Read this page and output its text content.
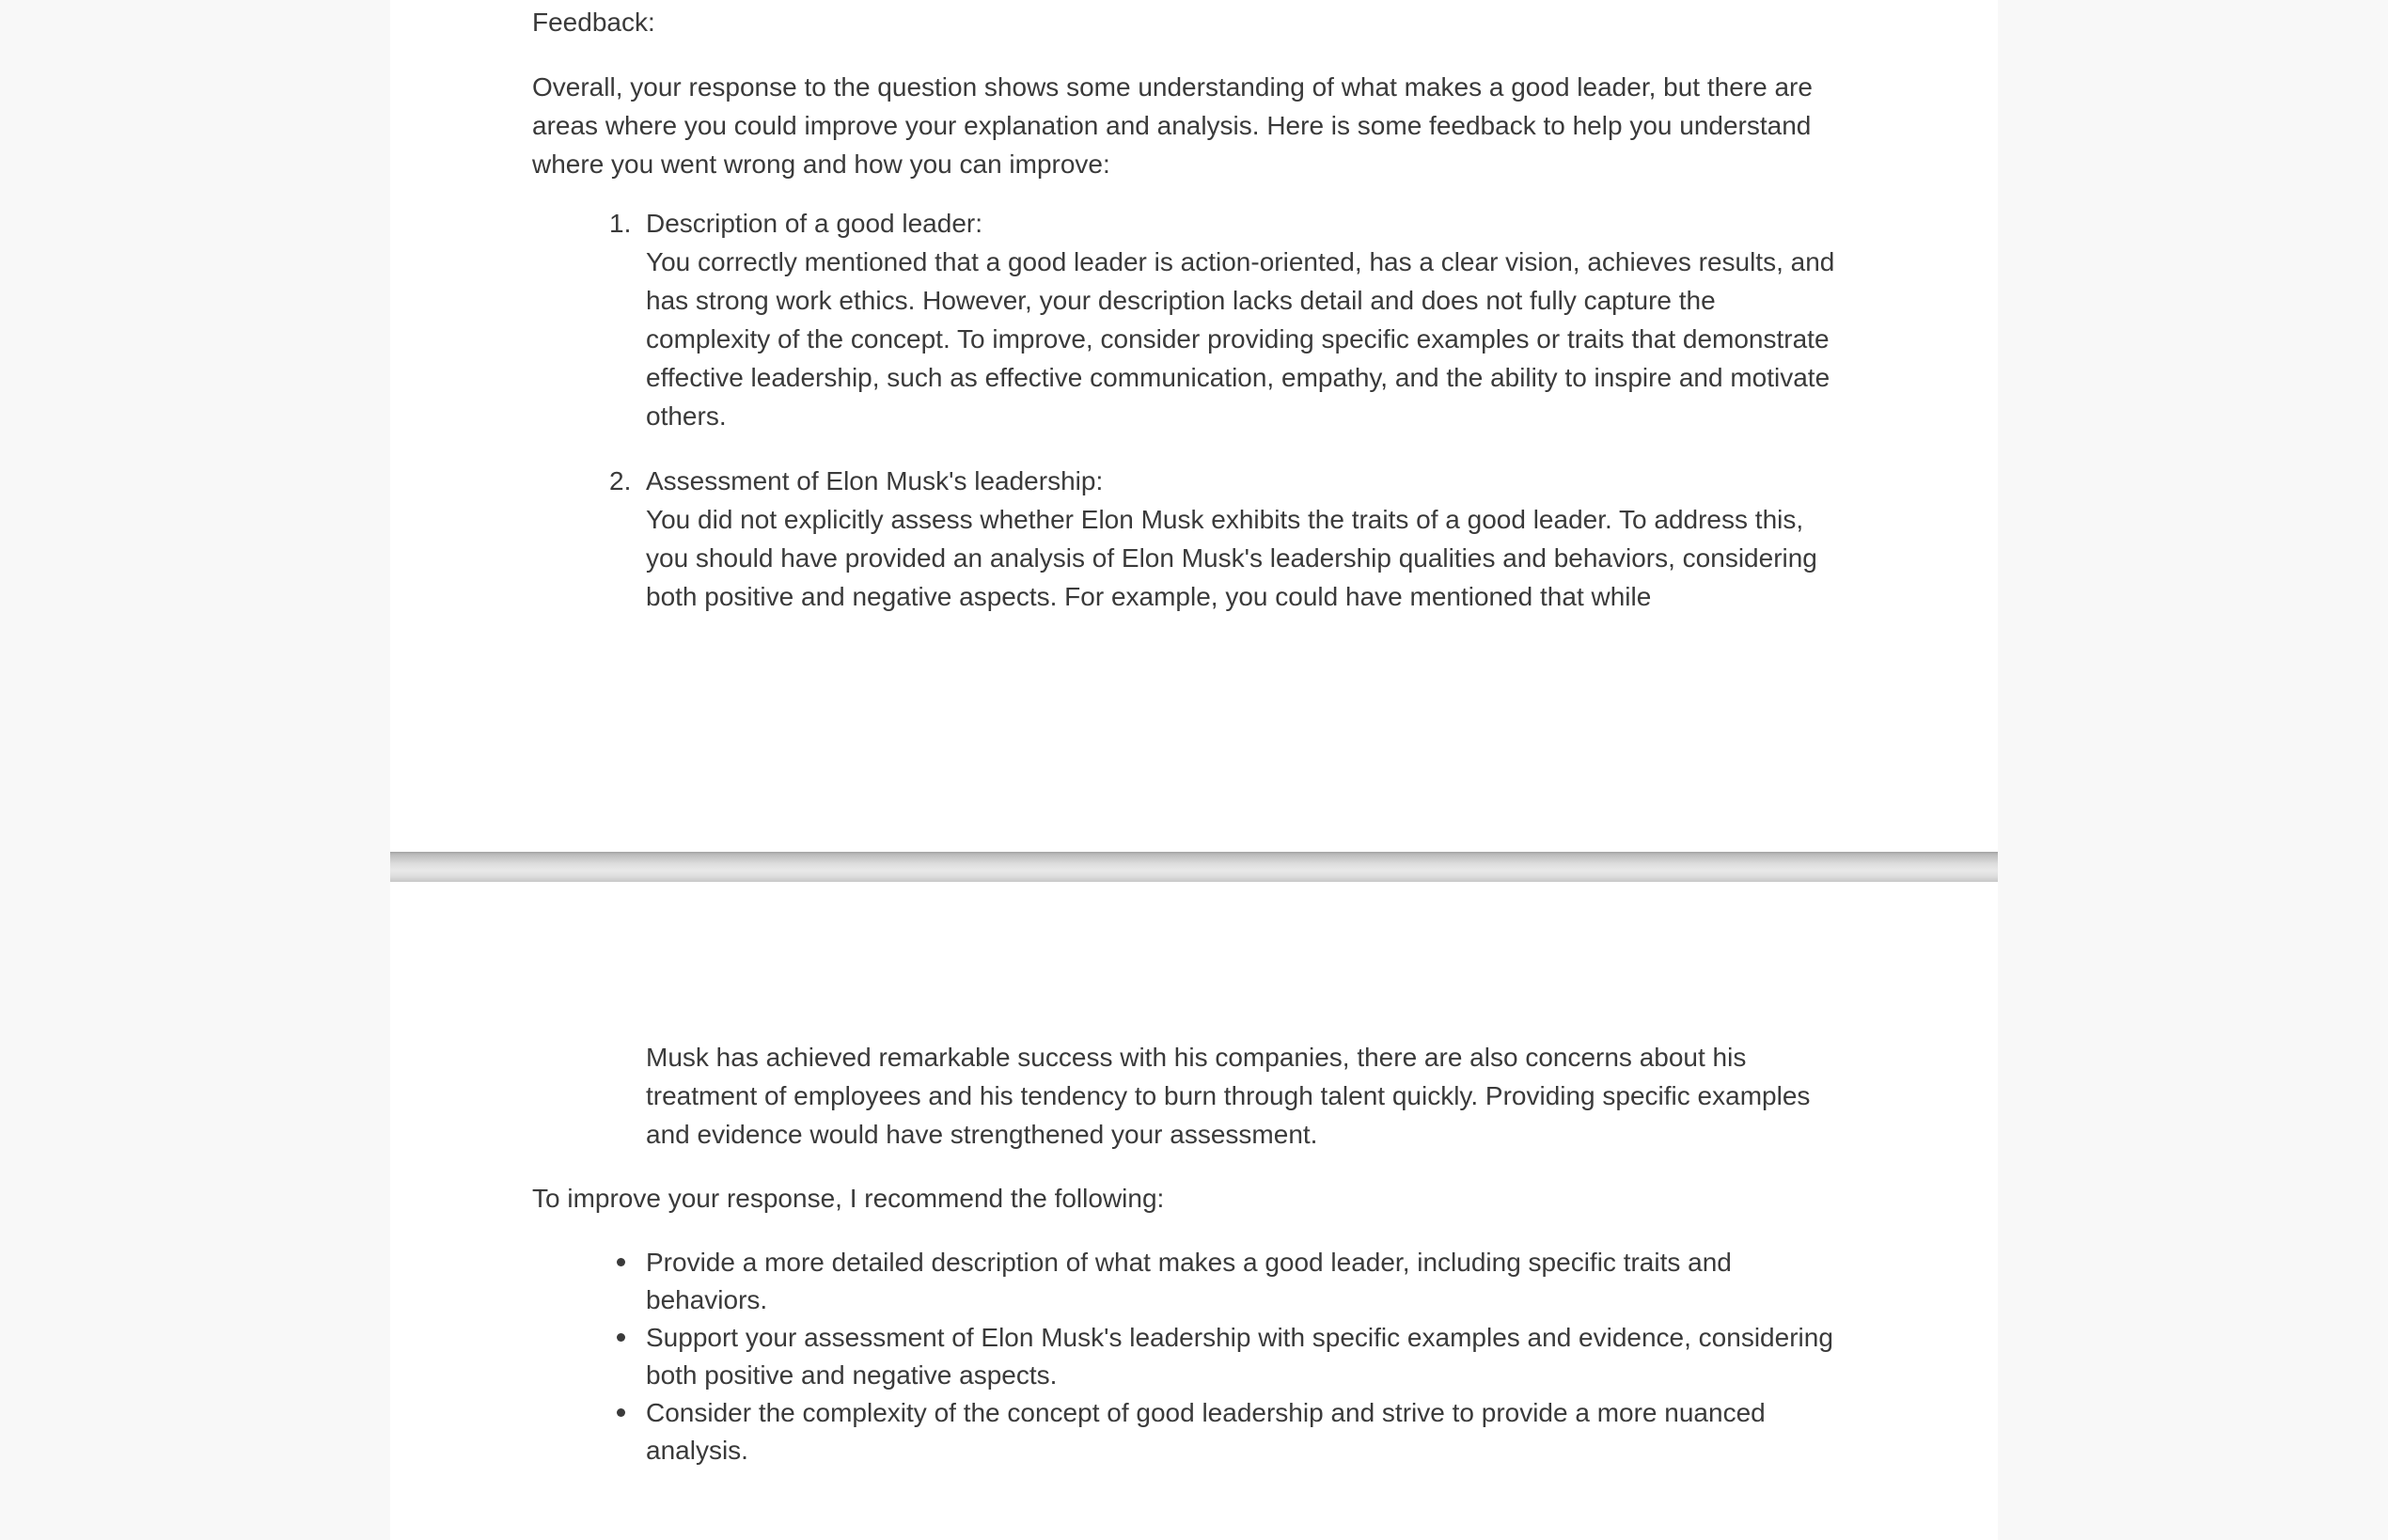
Feedback:
Overall, your response to the question shows some understanding of what makes a good leader, but there are areas where you could improve your explanation and analysis. Here is some feedback to help you understand where you went wrong and how you can improve:
1. Description of a good leader:
You correctly mentioned that a good leader is action-oriented, has a clear vision, achieves results, and has strong work ethics. However, your description lacks detail and does not fully capture the complexity of the concept. To improve, consider providing specific examples or traits that demonstrate effective leadership, such as effective communication, empathy, and the ability to inspire and motivate others.
2. Assessment of Elon Musk's leadership:
You did not explicitly assess whether Elon Musk exhibits the traits of a good leader. To address this, you should have provided an analysis of Elon Musk's leadership qualities and behaviors, considering both positive and negative aspects. For example, you could have mentioned that while
Musk has achieved remarkable success with his companies, there are also concerns about his treatment of employees and his tendency to burn through talent quickly. Providing specific examples and evidence would have strengthened your assessment.
To improve your response, I recommend the following:
Provide a more detailed description of what makes a good leader, including specific traits and behaviors.
Support your assessment of Elon Musk's leadership with specific examples and evidence, considering both positive and negative aspects.
Consider the complexity of the concept of good leadership and strive to provide a more nuanced analysis.
